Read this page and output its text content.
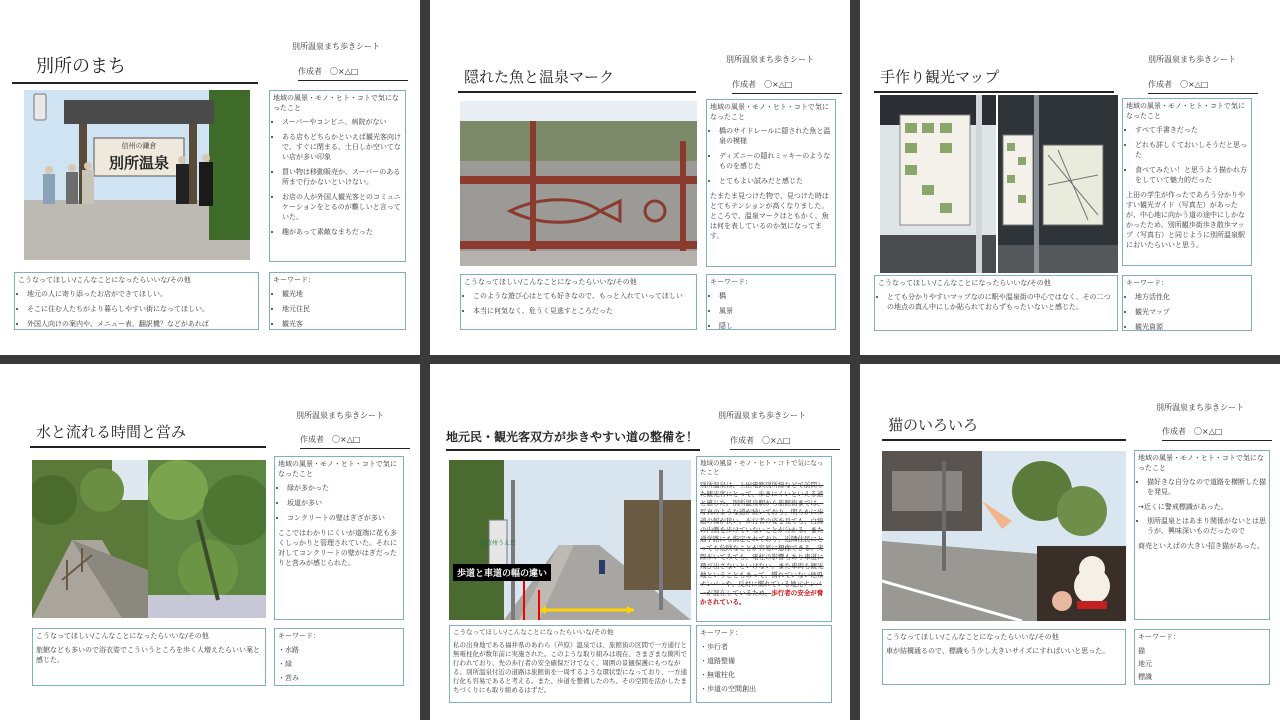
別所温泉まち歩きシート
作成者　〇×△□
別所のまち
信州の鎌倉
別所温泉
地域の風景・モノ・ヒト・コトで気になったこと
• スーパーやコンビニ、病院がない
• ある店もどちらかといえば観光客向けで、すぐに閉まる、土日しか空いてない店が多い印象
• 買い物は移動販売か、スーパーのある所まで行かないといけない。
• お店の人が外国人観光客とのコミュニケーションをとるのが難しいと言っていた。
• 趣があって素敵なまちだった
こうなってほしい/こんなことになったらいいな/その他
• 地元の人に寄り添ったお店ができてほしい。
• そこに住む人たちがより暮らしやすい街になってほしい。
• 外国人向けの案内や、メニュー表、翻訳機？などがあれば
キーワード：
• 観光地
• 地元住民
• 観光客
別所温泉まち歩きシート
作成者　〇×△□
隠れた魚と温泉マーク
地域の風景・モノ・ヒト・コトで気になったこと
• 橋のサイドレールに隠された魚と温泉の模様
• ディズニーの隠れミッキーのようなものを感じた
• とてもよい試みだと感じた

たまたま見つけた物で、見つけた時はとてもテンションが高くなりました。ところで、温泉マークはともかく、魚は何を表しているのか気になってます。

こうなってほしい/こんなことになったらいいな/その他
• このような遊び心はとても好きなので、もっと入れていってほしい
• 本当に何気なく、危うく見逃すところだった
キーワード：
• 橋
• 風景
• 隠し
別所温泉まち歩きシート
作成者　〇×△□
手作り観光マップ
地域の風景・モノ・ヒト・コトで気になったこと
• すべて手書きだった
• どれも詳しくておいしそうだと思った
• 食べてみたい！と思うよう描かれ方をしていて魅力的だった

上田の学生が作ったであろう分かりやすい観光ガイド（写真左）があったが、中心地に向かう道の途中にしかなかったため、別所観歩街歩き散歩マップ（写真右）と同じように別所温泉駅においたらいいと思う。

こうなってほしい/こんなことになったらいいな/その他
• とても分かりやすいマップなのに駅や温泉街の中心ではなく、その二つの地点の真ん中にしか貼られておらずもったいないと感じた。
キーワード：
• 地方活性化
• 観光マップ
• 観光資源
別所温泉まち歩きシート
作成者　〇×△□
水と流れる時間と営み
地域の風景・モノ・ヒト・コトで気になったこと
• 緑が多かった
• 坂道が多い
• コンクリートの壁はぎざが多い

ここではわかりにくいが道端に花も多くしっかりと管理されていた。それに対してコンクリートの壁がはぎだったりと営みが感じられた。

こうなってほしい/こんなことになったらいいな/その他

旅館なども多いので浴衣姿でこういうところを歩く人増えたらいい案と感じた。

キーワード：
・水路
・緑
・営み
別所温泉まち歩きシート
作成者　〇×△□
地元民・観光客双方が歩きやすい道の整備を！
JA信州うえだ
歩道と車道の幅の違い
地域の風景・モノ・ヒト・コトで気になったこと

別所温泉は、上田電鉄別所線などで訪問した観光客にとって、歩きにくいといえる道と感じた。別所温泉駅から旅館街までは、写真のような道が続いており、明らかに歩道の幅が狭い。歩行者の姿を見ても、白線の内側を歩けていないことが分かる。また通学路にも指定されており、近隣住民にとっても危険なことが容易に想像できる。実際歩いてみても、電柱の影響もあり車道に飛び出さないといけない。また車両も観光地ということもあって、慣れていない他県ナンバーや、反対に慣れている地元ナンバーが混在しているため、歩行者の安全が脅かされている。

こうなってほしい/こんなことになったらいいな/その他

私の出身地である福井県のあわら（芦原）温泉では、旅館街の区間で一方通行と無電柱化が数年前に実施された。このような取り組みは現在、さまざまな箇所で行われており、先の歩行者の安全確保だけでなく、周囲の景観保護にもつながる。別所温泉付近の道路は旅館街を一周するような環状型になっており、一方通行化も容易であると考える。また、歩道を整備したのち、その空間を活かしたまちづくりにも取り組めるはずだ。

キーワード：
・歩行者
・道路整備
・無電柱化
・歩道の空間創出
別所温泉まち歩きシート
作成者　〇×△□
猫のいろいろ
地域の風景・モノ・ヒト・コトで気になったこと
• 猫好きな自分なので道路を横断した猫を発見。

→近くに警戒標識があった。

• 別所温泉とはあまり関係がないとは思うが、興味深いものだったので

商売といえばの大きい招き猫があった。

こうなってほしい/こんなことになったらいいな/その他

車が結構通るので、標識もう少し大きいサイズにすればいいと思った。

キーワード：
猫
地元
標識
